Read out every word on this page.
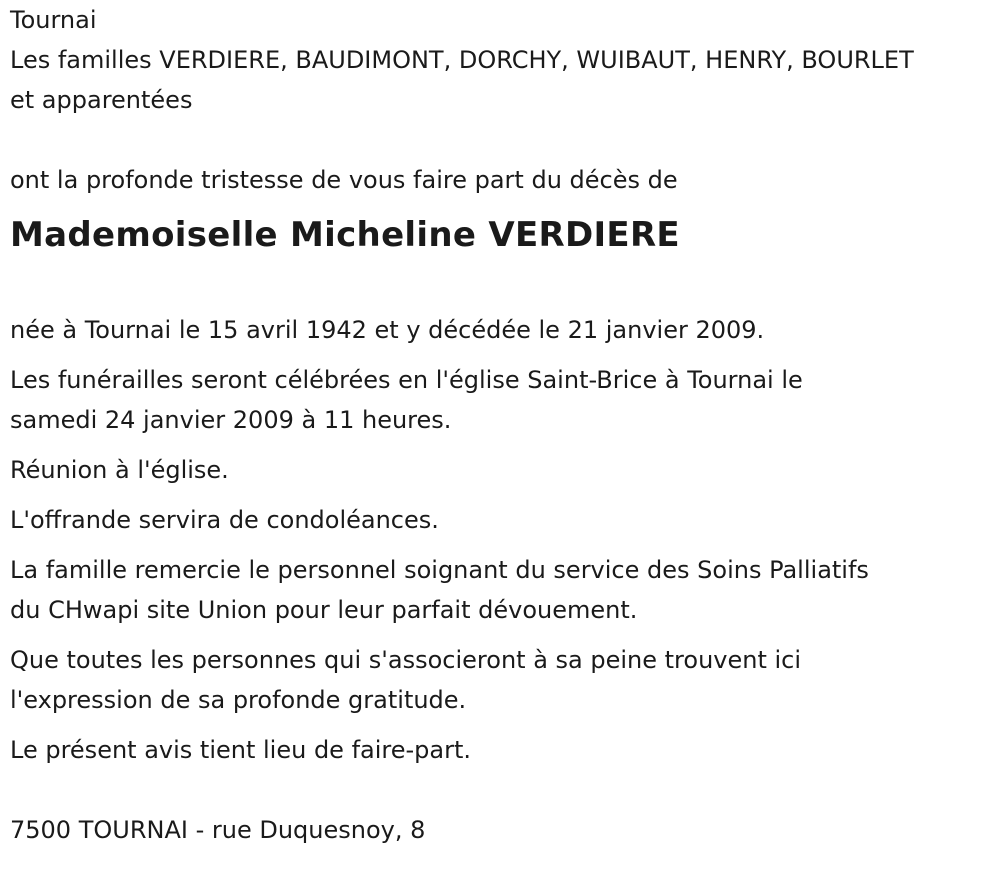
Tournai
Les familles VERDIERE, BAUDIMONT, DORCHY, WUIBAUT, HENRY, BOURLET
et apparentées
ont la profonde tristesse de vous faire part du décès de
Mademoiselle Micheline VERDIERE
née à Tournai le 15 avril 1942 et y décédée le 21 janvier 2009.
Les funérailles seront célébrées en l'église Saint-Brice à Tournai le
samedi 24 janvier 2009 à 11 heures.
Réunion à l'église.
L'offrande servira de condoléances.
La famille remercie le personnel soignant du service des Soins Palliatifs
du CHwapi site Union pour leur parfait dévouement.
Que toutes les personnes qui s'associeront à sa peine trouvent ici
l'expression de sa profonde gratitude.
Le présent avis tient lieu de faire-part.
7500 TOURNAI - rue Duquesnoy, 8
